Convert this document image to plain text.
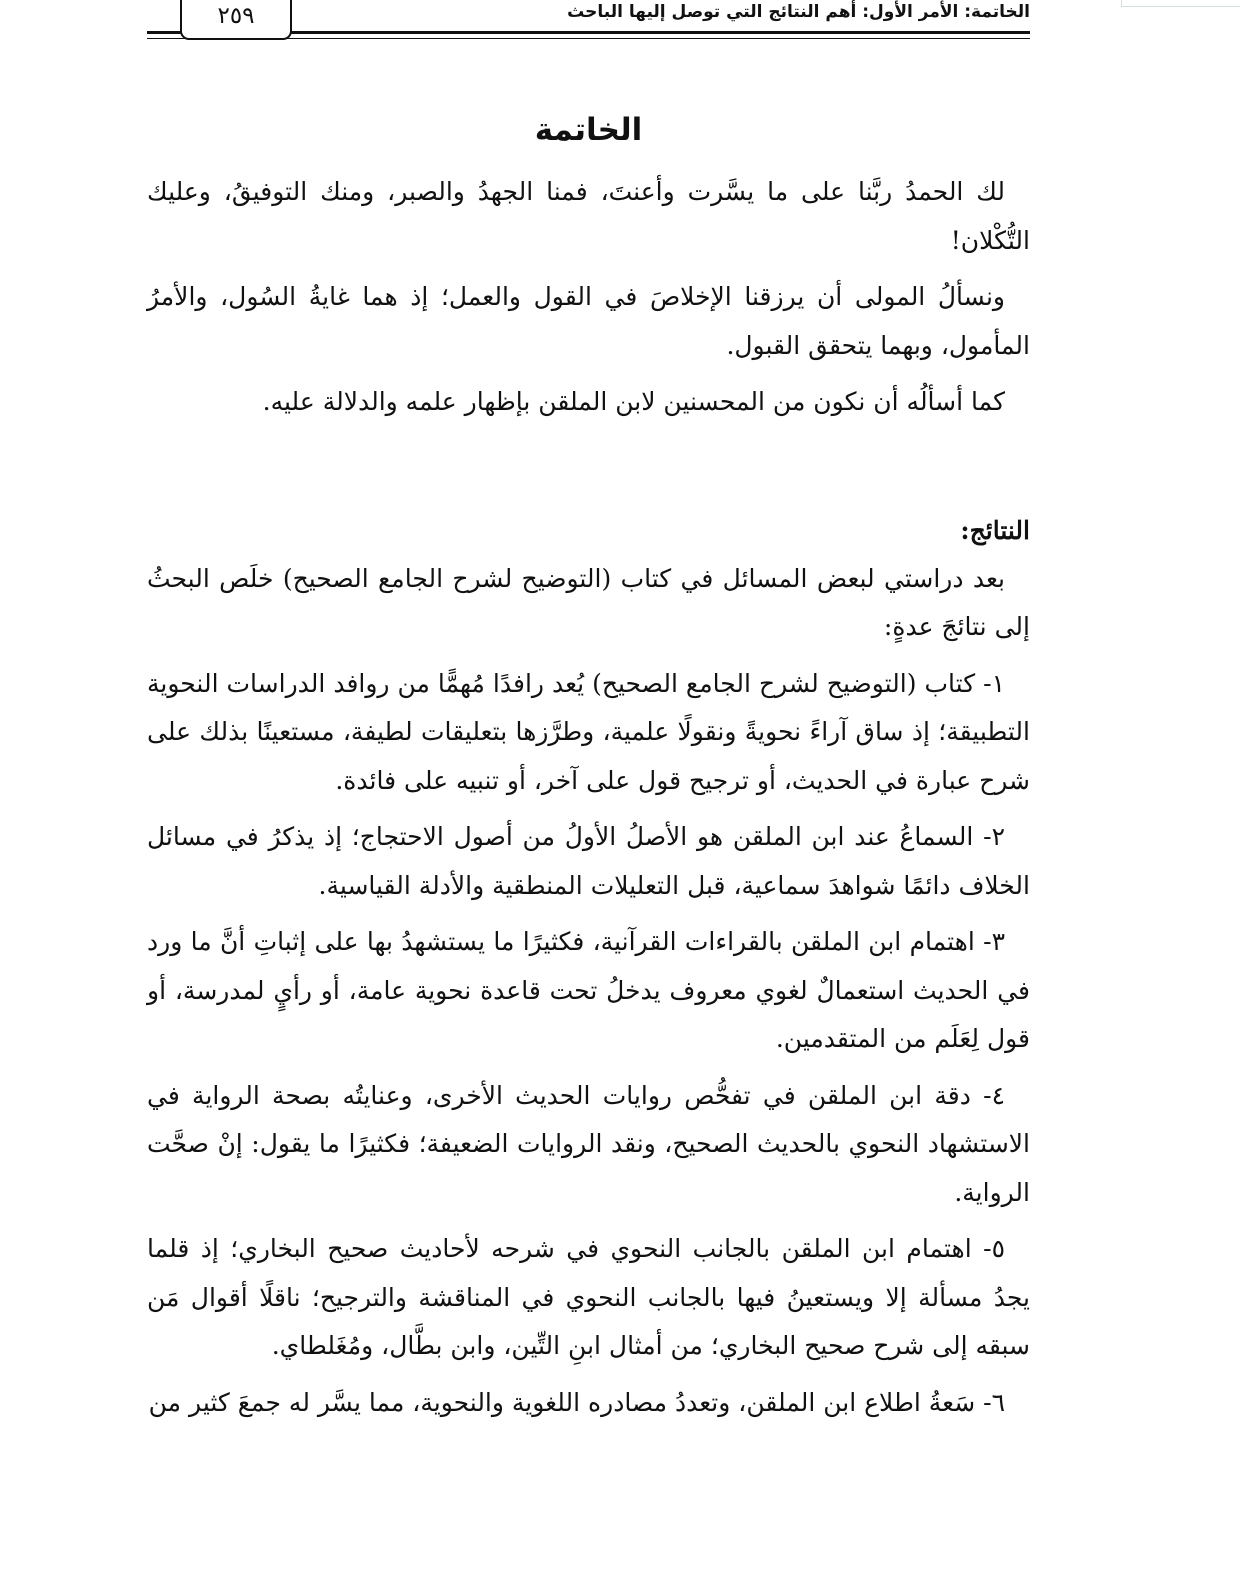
الخاتمة: الأمر الأول: أهم النتائج التي توصل إليها الباحث
٢٥٩
الخاتمة

لك الحمدُ ربَّنا على ما يسَّرت وأعنتَ، فمنا الجهدُ والصبر، ومنك التوفيقُ، وعليك التُّكْلان!

ونسألُ المولى أن يرزقنا الإخلاصَ في القول والعمل؛ إذ هما غايةُ السُول، والأمرُ المأمول، وبهما يتحقق القبول.

كما أسألُه أن نكون من المحسنين لابن الملقن بإظهار علمه والدلالة عليه.

النتائج:

بعد دراستي لبعض المسائل في كتاب (التوضيح لشرح الجامع الصحيح) خلَص البحثُ إلى نتائجَ عدةٍ:

١- كتاب (التوضيح لشرح الجامع الصحيح) يُعد رافدًا مُهمًّا من روافد الدراسات النحوية التطبيقة؛ إذ ساق آراءً نحويةً ونقولًا علمية، وطرَّزها بتعليقات لطيفة، مستعينًا بذلك على شرح عبارة في الحديث، أو ترجيح قول على آخر، أو تنبيه على فائدة.

٢- السماعُ عند ابن الملقن هو الأصلُ الأولُ من أصول الاحتجاج؛ إذ يذكرُ في مسائل الخلاف دائمًا شواهدَ سماعية، قبل التعليلات المنطقية والأدلة القياسية.

٣- اهتمام ابن الملقن بالقراءات القرآنية، فكثيرًا ما يستشهدُ بها على إثباتِ أنَّ ما ورد في الحديث استعمالٌ لغوي معروف يدخلُ تحت قاعدة نحوية عامة، أو رأيٍ لمدرسة، أو قول لِعَلَم من المتقدمين.

٤- دقة ابن الملقن في تفحُّص روايات الحديث الأخرى، وعنايتُه بصحة الرواية في الاستشهاد النحوي بالحديث الصحيح، ونقد الروايات الضعيفة؛ فكثيرًا ما يقول: إنْ صحَّت الرواية.

٥- اهتمام ابن الملقن بالجانب النحوي في شرحه لأحاديث صحيح البخاري؛ إذ قلما يجدُ مسألة إلا ويستعينُ فيها بالجانب النحوي في المناقشة والترجيح؛ ناقلًا أقوال مَن سبقه إلى شرح صحيح البخاري؛ من أمثال ابنِ التِّين، وابن بطَّال، ومُغَلطاي.

٦- سَعةُ اطلاع ابن الملقن، وتعددُ مصادره اللغوية والنحوية، مما يسَّر له جمعَ كثير من
